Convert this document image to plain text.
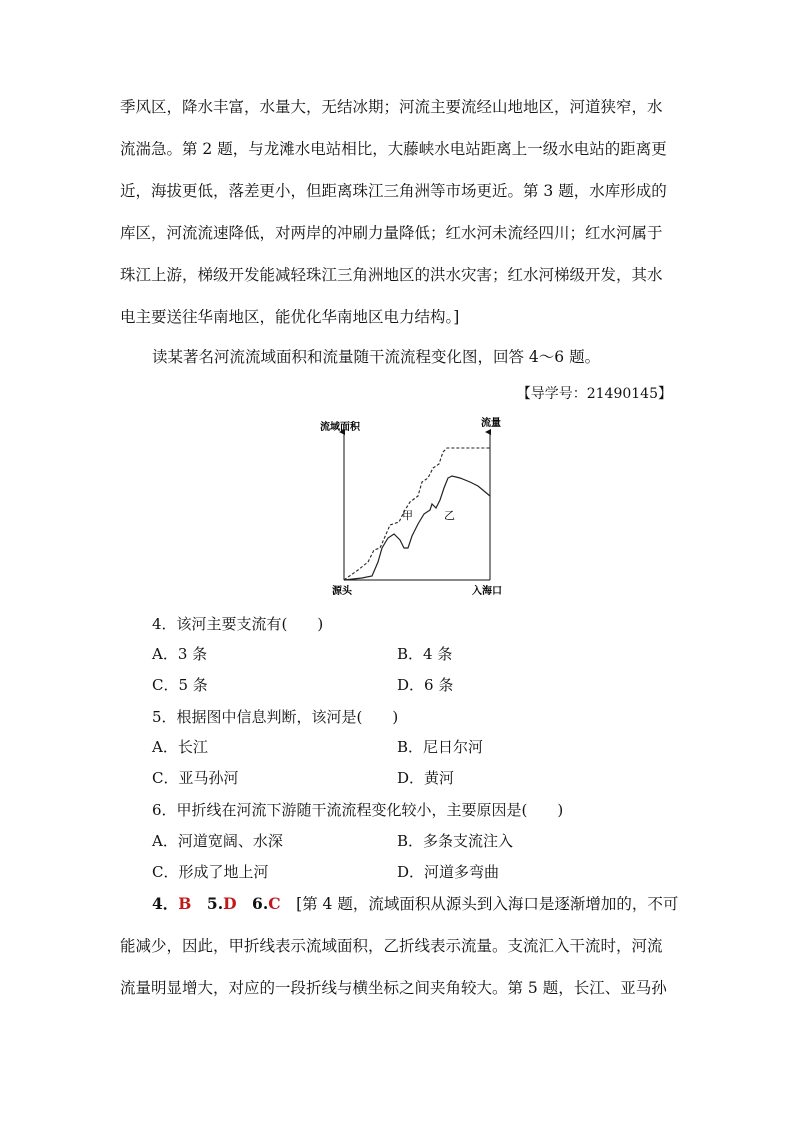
季风区，降水丰富，水量大，无结冰期；河流主要流经山地地区，河道狭窄，水
流湍急。第 2 题，与龙滩水电站相比，大藤峡水电站距离上一级水电站的距离更
近，海拔更低，落差更小，但距离珠江三角洲等市场更近。第 3 题，水库形成的
库区，河流流速降低，对两岸的冲刷力量降低；红水河未流经四川；红水河属于
珠江上游，梯级开发能减轻珠江三角洲地区的洪水灾害；红水河梯级开发，其水
电主要送往华南地区，能优化华南地区电力结构。]
读某著名河流流域面积和流量随干流流程变化图，回答 4～6 题。
【导学号：21490145】
流域面积	流量
源头	入海口
甲	乙
4．该河主要支流有(　　)
A．3 条	B．4 条
C．5 条	D．6 条
5．根据图中信息判断，该河是(　　)
A．长江	B．尼日尔河
C．亚马孙河	D．黄河
6．甲折线在河流下游随干流流程变化较小，主要原因是(　　)
A．河道宽阔、水深	B．多条支流注入
C．形成了地上河	D．河道多弯曲
4．B  5.D  6.C  [第 4 题，流域面积从源头到入海口是逐渐增加的，不可
能减少，因此，甲折线表示流域面积，乙折线表示流量。支流汇入干流时，河流
流量明显增大，对应的一段折线与横坐标之间夹角较大。第 5 题，长江、亚马孙
